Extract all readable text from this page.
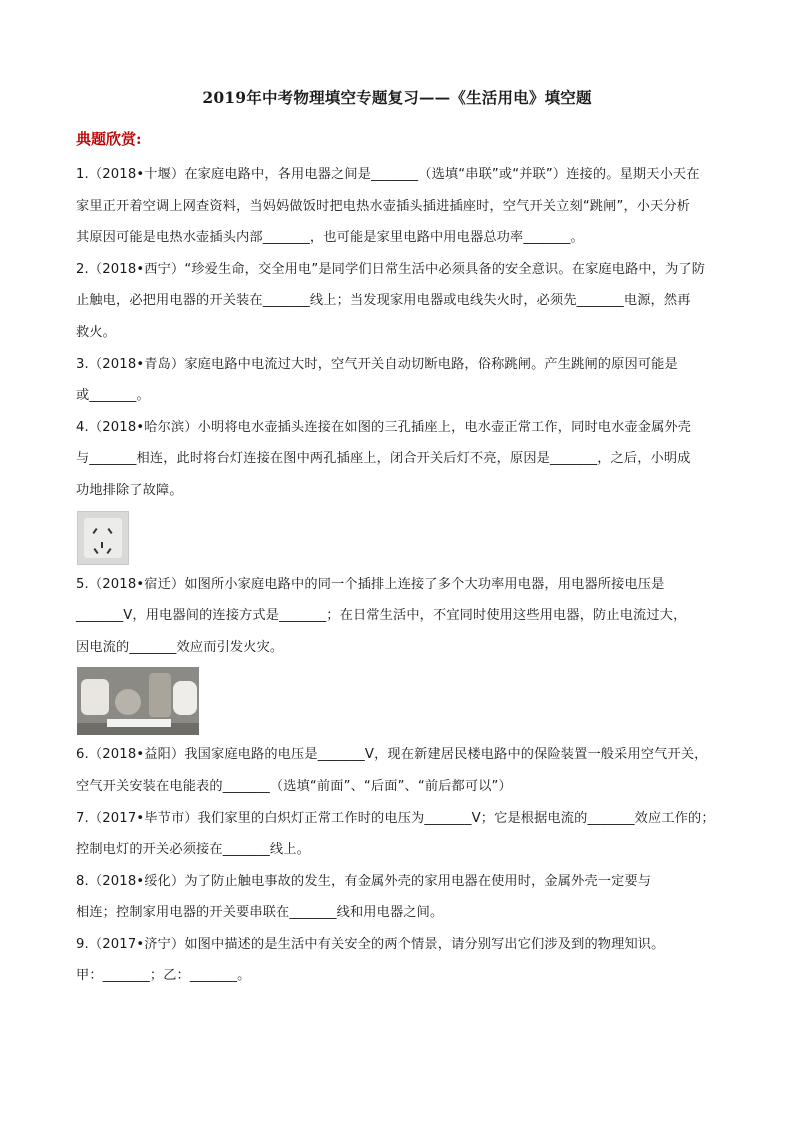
2019年中考物理填空专题复习——《生活用电》填空题
典题欣赏:

1.（2018•十堰）在家庭电路中，各用电器之间是_______（选填“串联”或“并联”）连接的。星期天小天在

家里正开着空调上网查资料，当妈妈做饭时把电热水壶插头插进插座时，空气开关立刻“跳闸”，小天分析

其原因可能是电热水壶插头内部_______，也可能是家里电路中用电器总功率_______。

2.（2018•西宁）“珍爱生命，交全用电”是同学们日常生活中必须具备的安全意识。在家庭电路中，为了防

止触电，必把用电器的开关装在_______线上；当发现家用电器或电线失火时，必须先_______电源，然再

救火。

3.（2018•青岛）家庭电路中电流过大时，空气开关自动切断电路，俗称跳闸。产生跳闸的原因可能是

或_______。

4.（2018•哈尔滨）小明将电水壶插头连接在如图的三孔插座上，电水壶正常工作，同时电水壶金属外壳

与_______相连，此时将台灯连接在图中两孔插座上，闭合开关后灯不亮，原因是_______，之后，小明成

功地排除了故障。

5.（2018•宿迁）如图所小家庭电路中的同一个插排上连接了多个大功率用电器，用电器所接电压是

_______V，用电器间的连接方式是_______；在日常生活中，不宜同时使用这些用电器，防止电流过大，

因电流的_______效应而引发火灾。

6.（2018•益阳）我国家庭电路的电压是_______V，现在新建居民楼电路中的保险装置一般采用空气开关，

空气开关安装在电能表的_______（选填“前面”、“后面”、“前后都可以”）

7.（2017•毕节市）我们家里的白炽灯正常工作时的电压为_______V；它是根据电流的_______效应工作的；

控制电灯的开关必须接在_______线上。

8.（2018•绥化）为了防止触电事故的发生，有金属外壳的家用电器在使用时，金属外壳一定要与

相连；控制家用电器的开关要串联在_______线和用电器之间。

9.（2017•济宁）如图中描述的是生活中有关安全的两个情景，请分别写出它们涉及到的物理知识。

甲：_______；乙：_______。
